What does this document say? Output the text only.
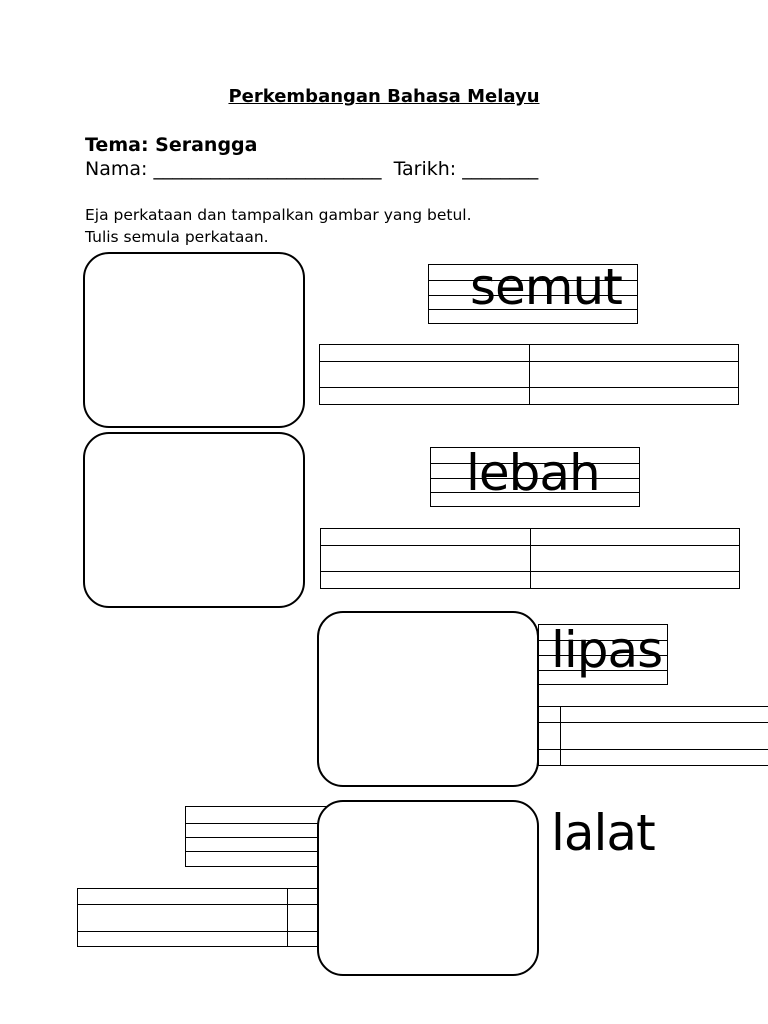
Perkembangan Bahasa Melayu
Tema: Serangga
Nama: ________________________ Tarikh: ________
Eja perkataan dan tampalkan gambar yang betul.
Tulis semula perkataan.
semut
lebah
lipas
lalat
